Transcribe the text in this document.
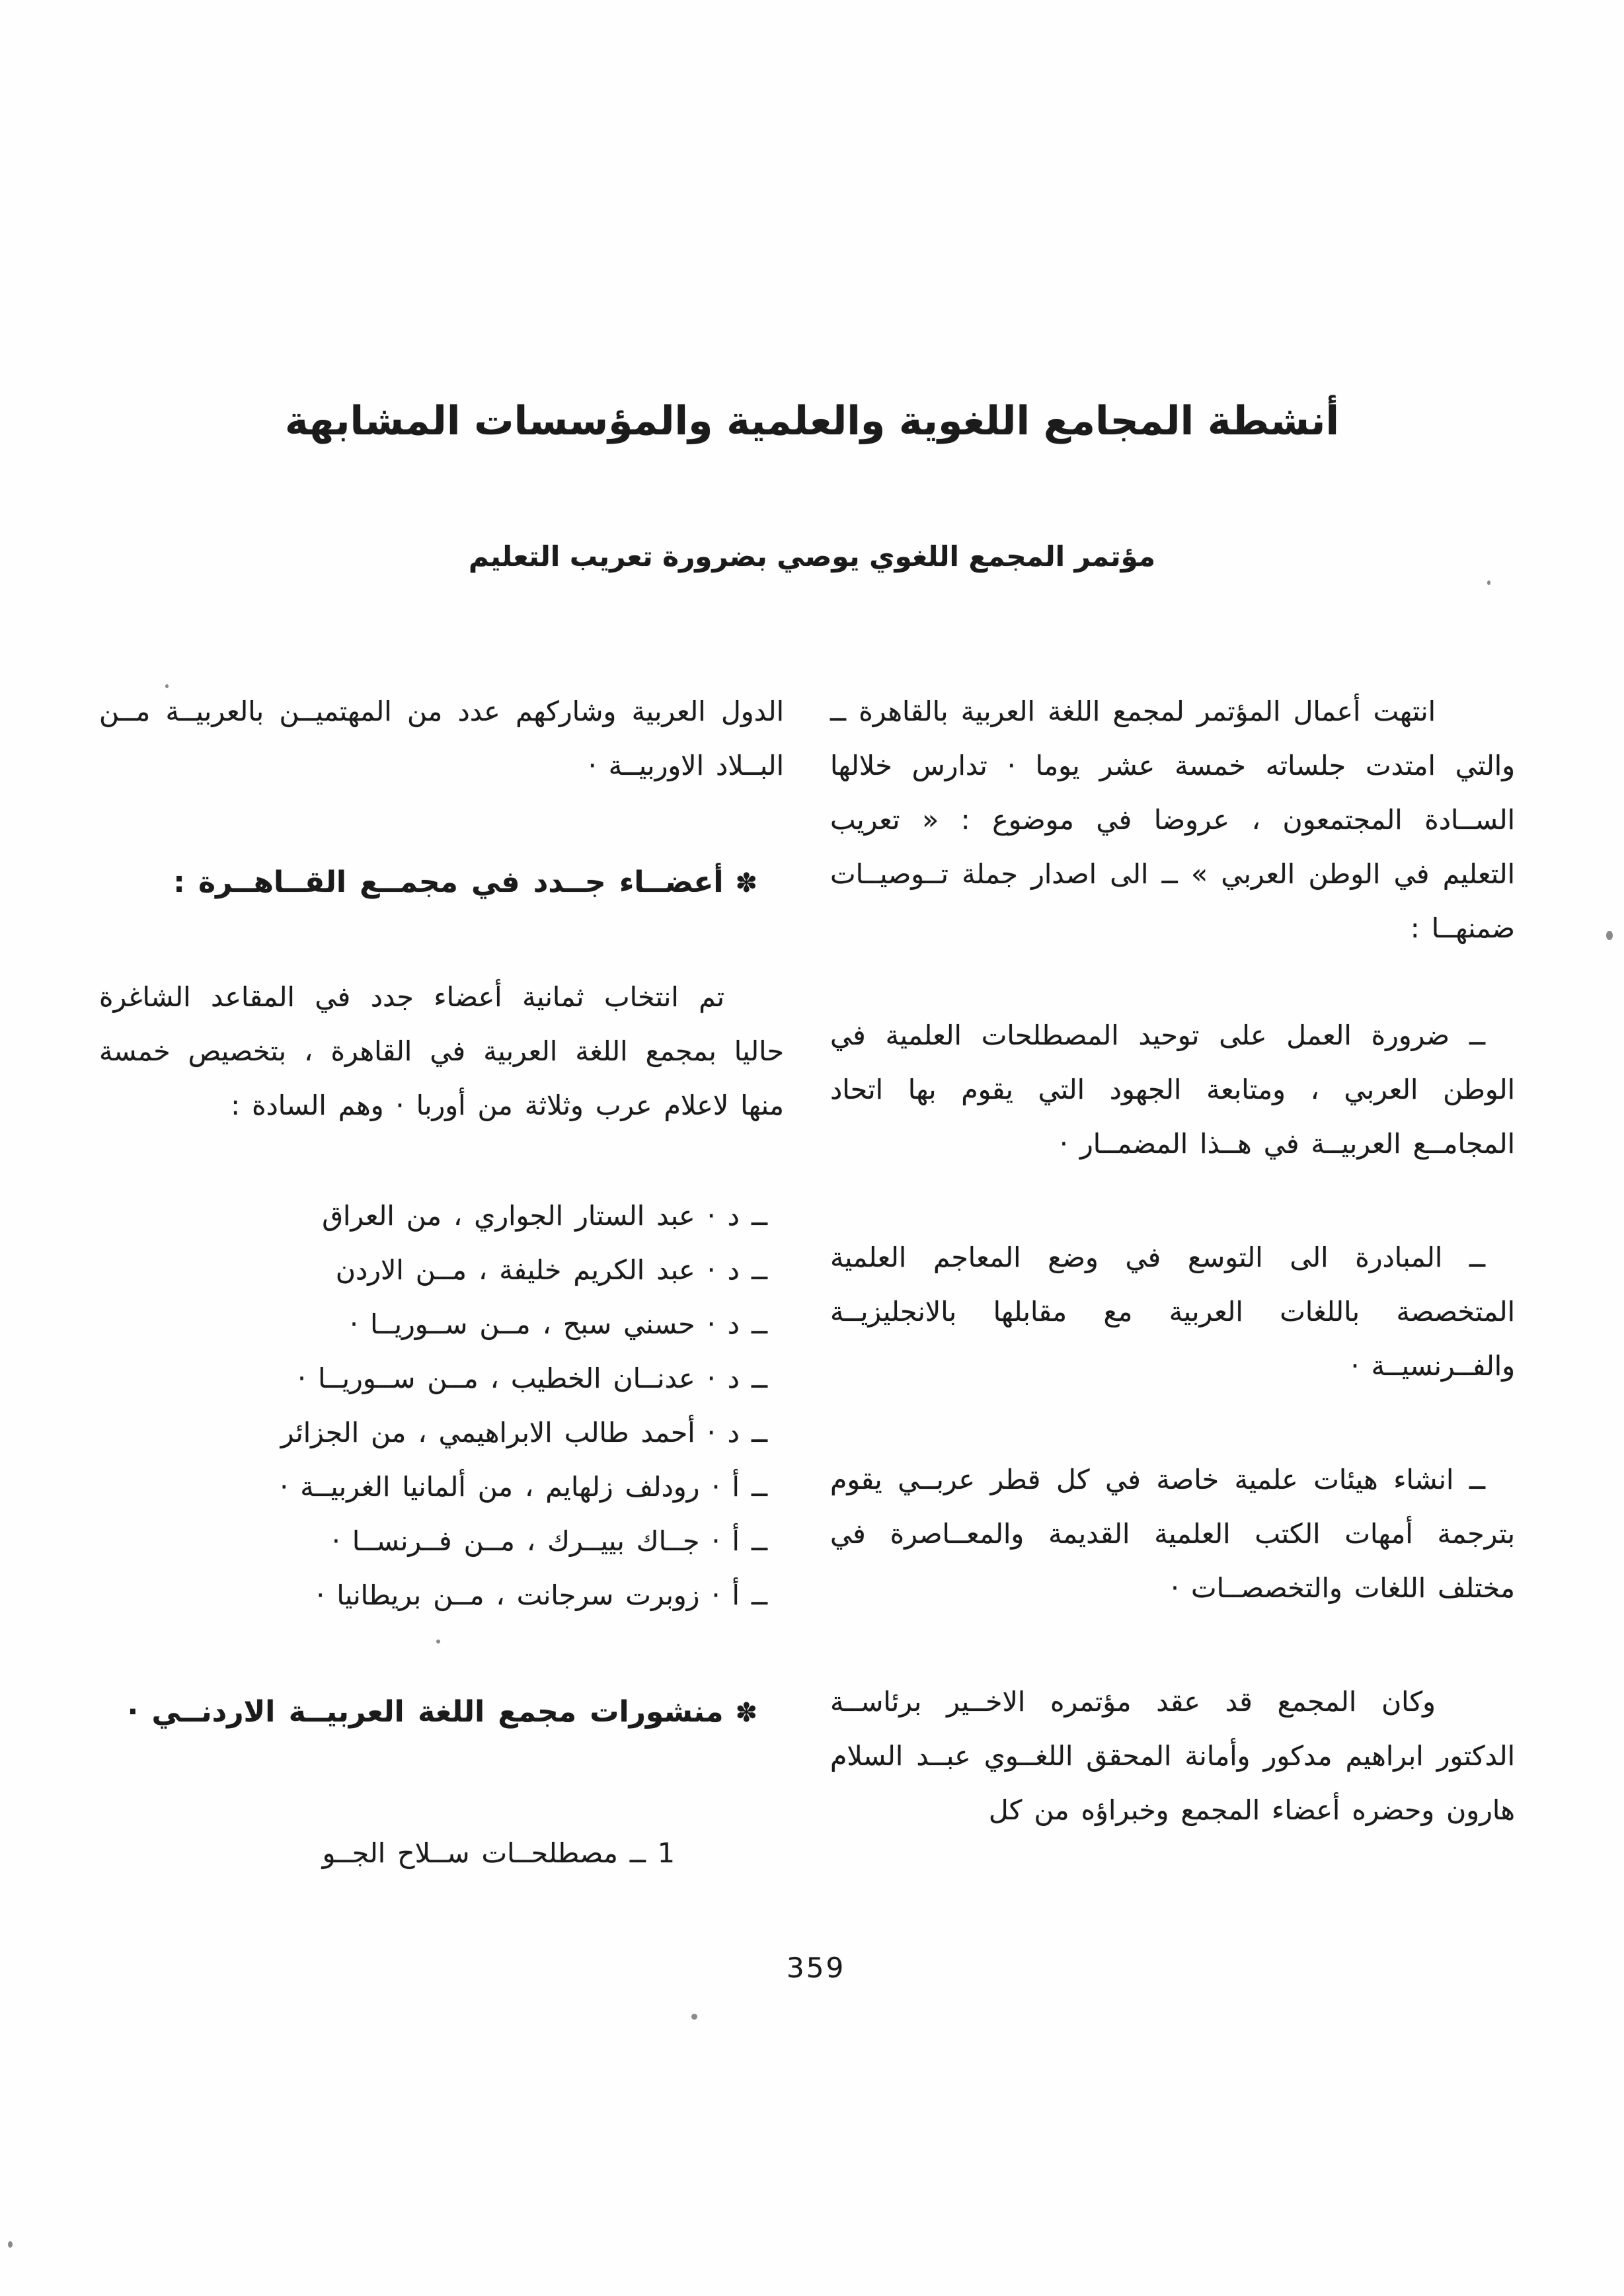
أنشطة المجامع اللغوية والعلمية والمؤسسات المشابهة
مؤتمر المجمع اللغوي يوصي بضرورة تعريب التعليم

انتهت أعمال المؤتمر لمجمع اللغة العربية بالقاهرة ــ والتي امتدت جلساته خمسة عشر يوما · تدارس خلالها الســادة المجتمعون ، عروضا في موضوع : « تعريب التعليم في الوطن العربي » ــ الى اصدار جملة تــوصيــات ضمنهــا :

ــ ضرورة العمل على توحيد المصطلحات العلمية في الوطن العربي ، ومتابعة الجهود التي يقوم بها اتحاد المجامــع العربيــة في هــذا المضمــار ·

ــ المبادرة الى التوسع في وضع المعاجم العلمية المتخصصة باللغات العربية مع مقابلها بالانجليزيــة والفــرنسيــة ·

ــ انشاء هيئات علمية خاصة في كل قطر عربــي يقوم بترجمة أمهات الكتب العلمية القديمة والمعــاصرة في مختلف اللغات والتخصصــات ·

وكان المجمع قد عقد مؤتمره الاخــير برئاســة الدكتور ابراهيم مدكور وأمانة المحقق اللغــوي عبــد السلام هارون وحضره أعضاء المجمع وخبراؤه من كل

الدول العربية وشاركهم عدد من المهتميــن بالعربيــة مــن البــلاد الاوربيــة ·

✽أعضــاء جــدد في مجمــع القــاهــرة :

تم انتخاب ثمانية أعضاء جدد في المقاعد الشاغرة حاليا بمجمع اللغة العربية في القاهرة ، بتخصيص خمسة منها لاعلام عرب وثلاثة من أوربا · وهم السادة :

ــ د · عبد الستار الجواري ، من العراق
ــ د · عبد الكريم خليفة ، مــن الاردن
ــ د · حسني سبح ، مــن ســوريــا ·
ــ د · عدنــان الخطيب ، مــن ســوريــا ·
ــ د · أحمد طالب الابراهيمي ، من الجزائر
ــ أ · رودلف زلهايم ، من ألمانيا الغربيــة ·
ــ أ · جــاك بييــرك ، مــن فــرنســا ·
ــ أ · زوبرت سرجانت ، مــن بريطانيا ·
✽منشورات مجمع اللغة العربيــة الاردنــي ·
1 ــ مصطلحــات ســلاح الجــو
359
